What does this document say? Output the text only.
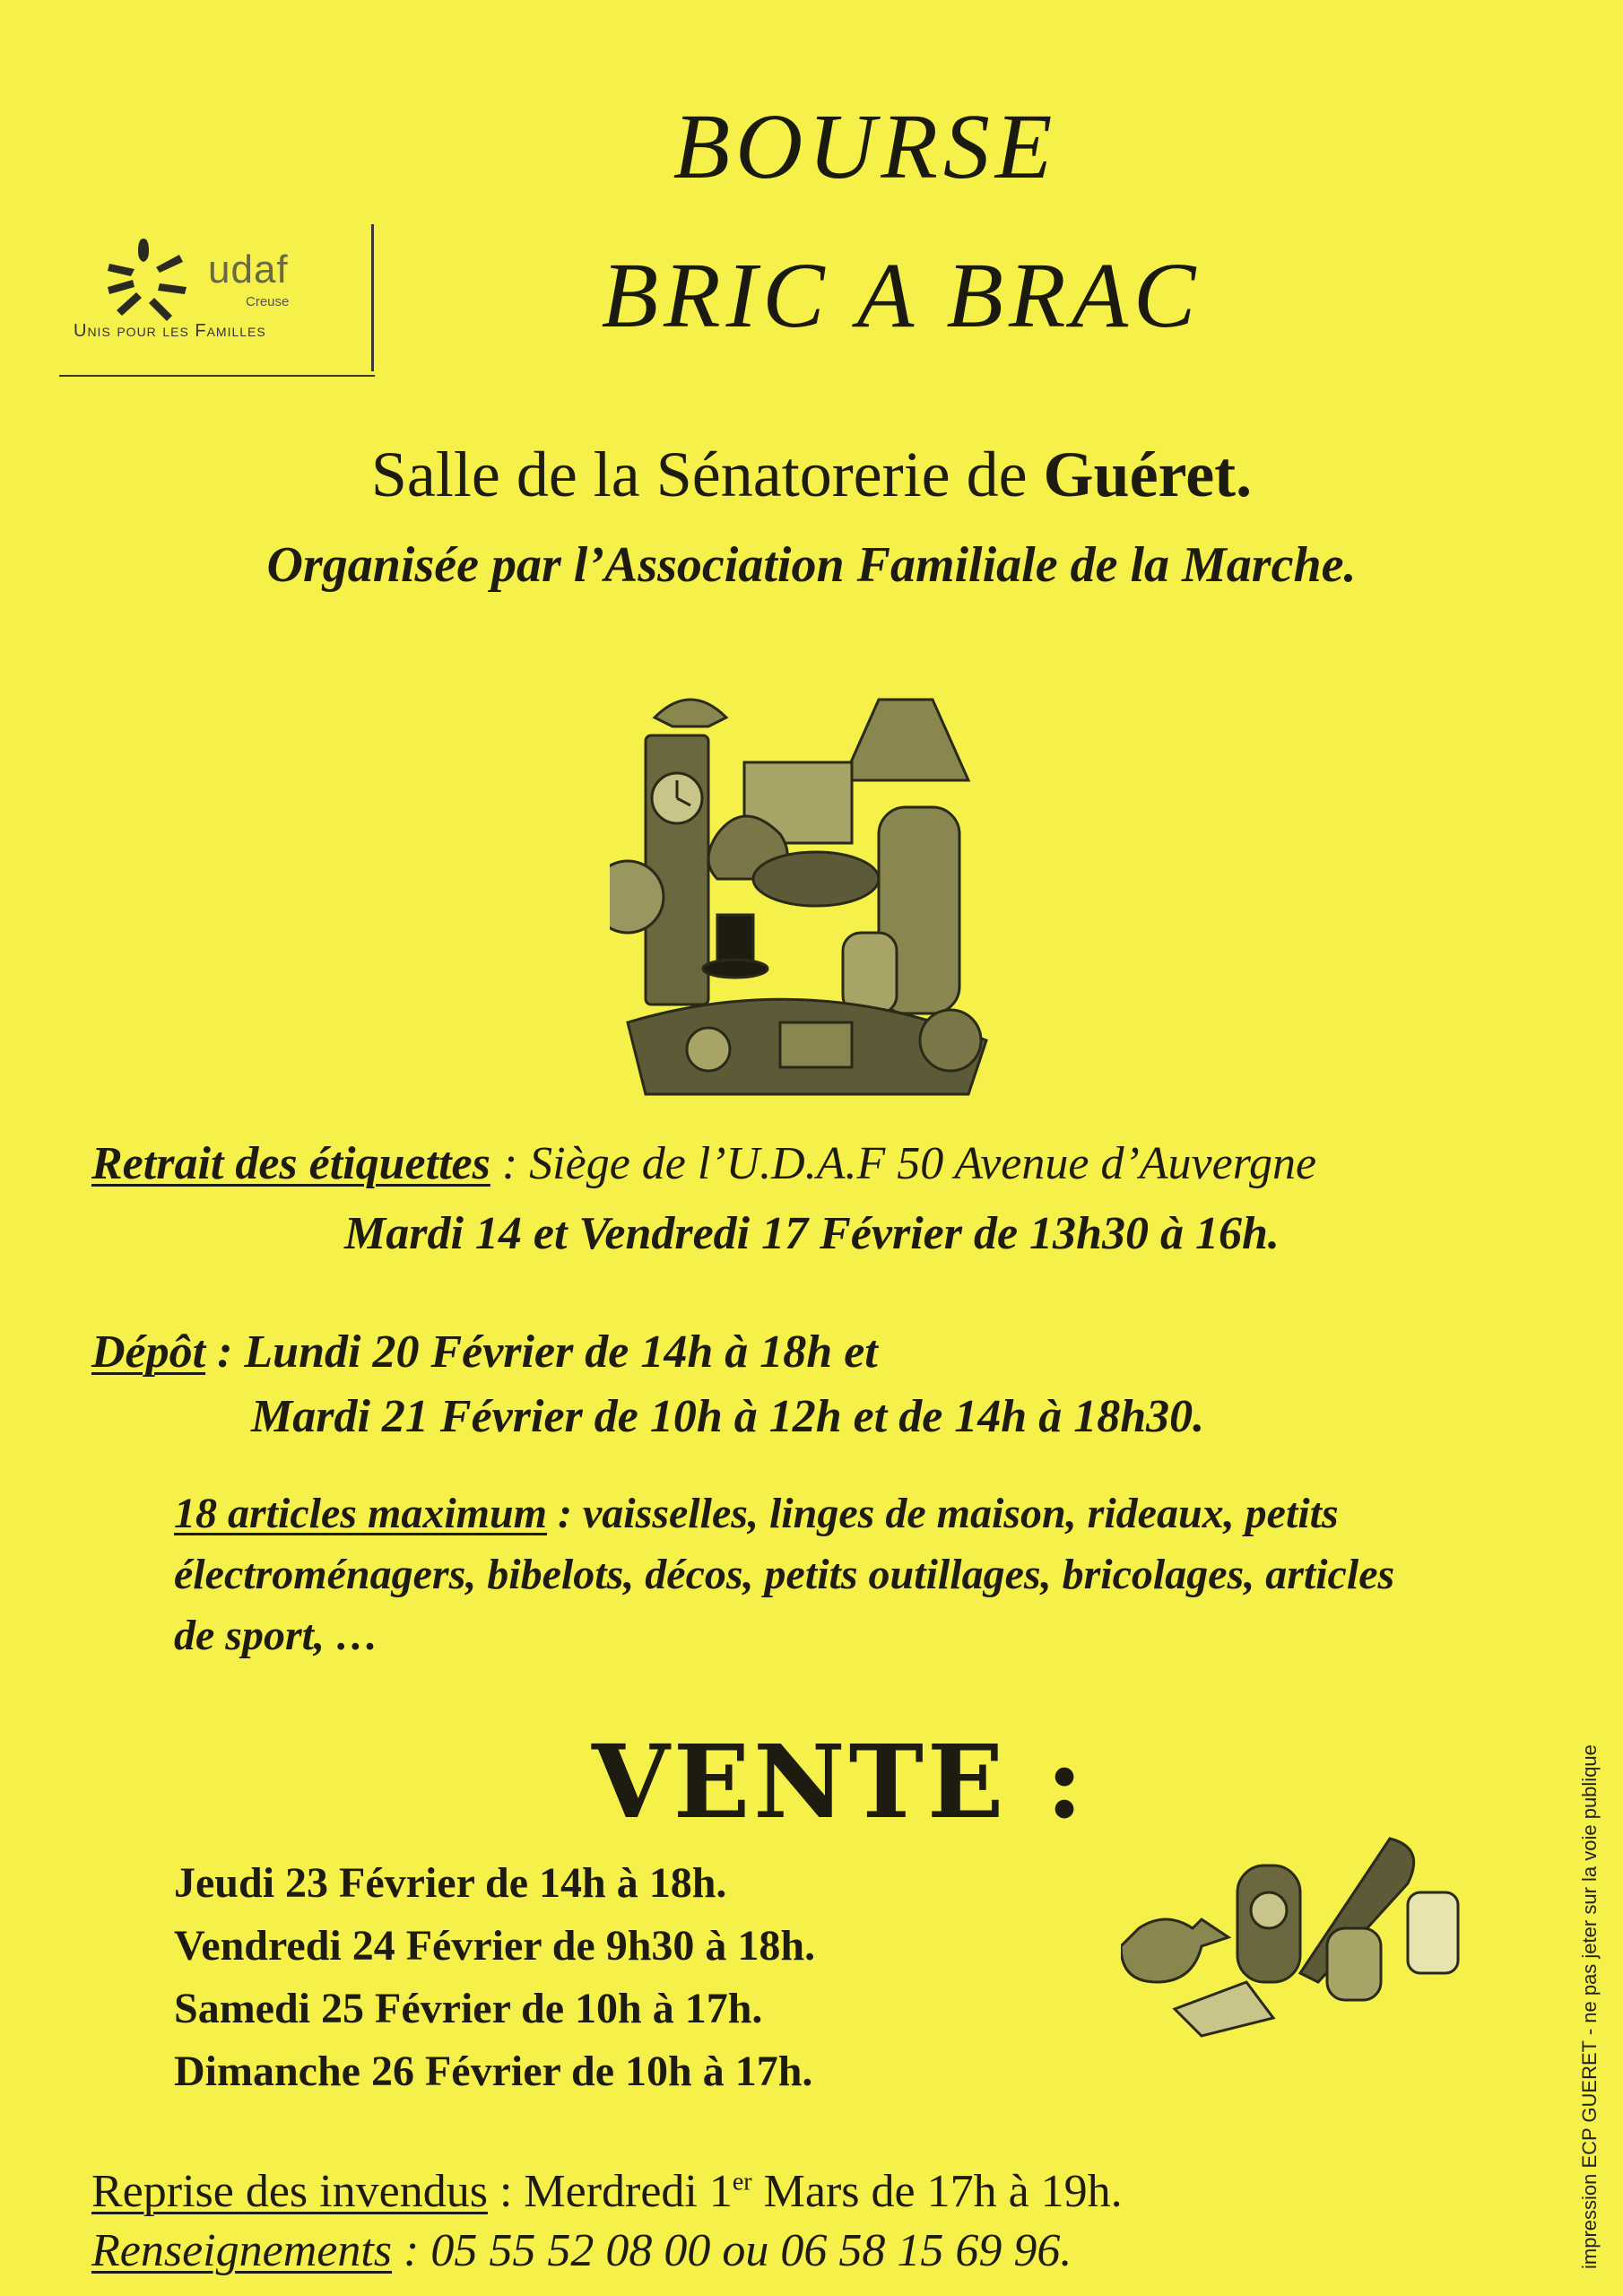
udaf
Creuse
Unis pour les Familles
BOURSE
BRIC A BRAC
Salle de la Sénatorerie de Guéret.
Organisée par l’Association Familiale de la Marche.
Retrait des étiquettes : Siège de l’U.D.A.F 50 Avenue d’Auvergne
Mardi 14 et Vendredi 17 Février de 13h30 à 16h.
Dépôt : Lundi 20 Février de 14h à 18h et
Mardi 21 Février de 10h à 12h et de 14h à 18h30.
18 articles maximum : vaisselles, linges de maison, rideaux, petits
électroménagers, bibelots, décos, petits outillages, bricolages, articles
de sport, …
VENTE :
Jeudi 23 Février de 14h à 18h.
Vendredi 24 Février de 9h30 à 18h.
Samedi 25 Février de 10h à 17h.
Dimanche 26 Février de 10h à 17h.
Reprise des invendus : Merdredi 1er Mars de 17h à 19h.
Renseignements : 05 55 52 08 00 ou 06 58 15 69 96.	impression ECP GUERET - ne pas jeter sur la voie publique
